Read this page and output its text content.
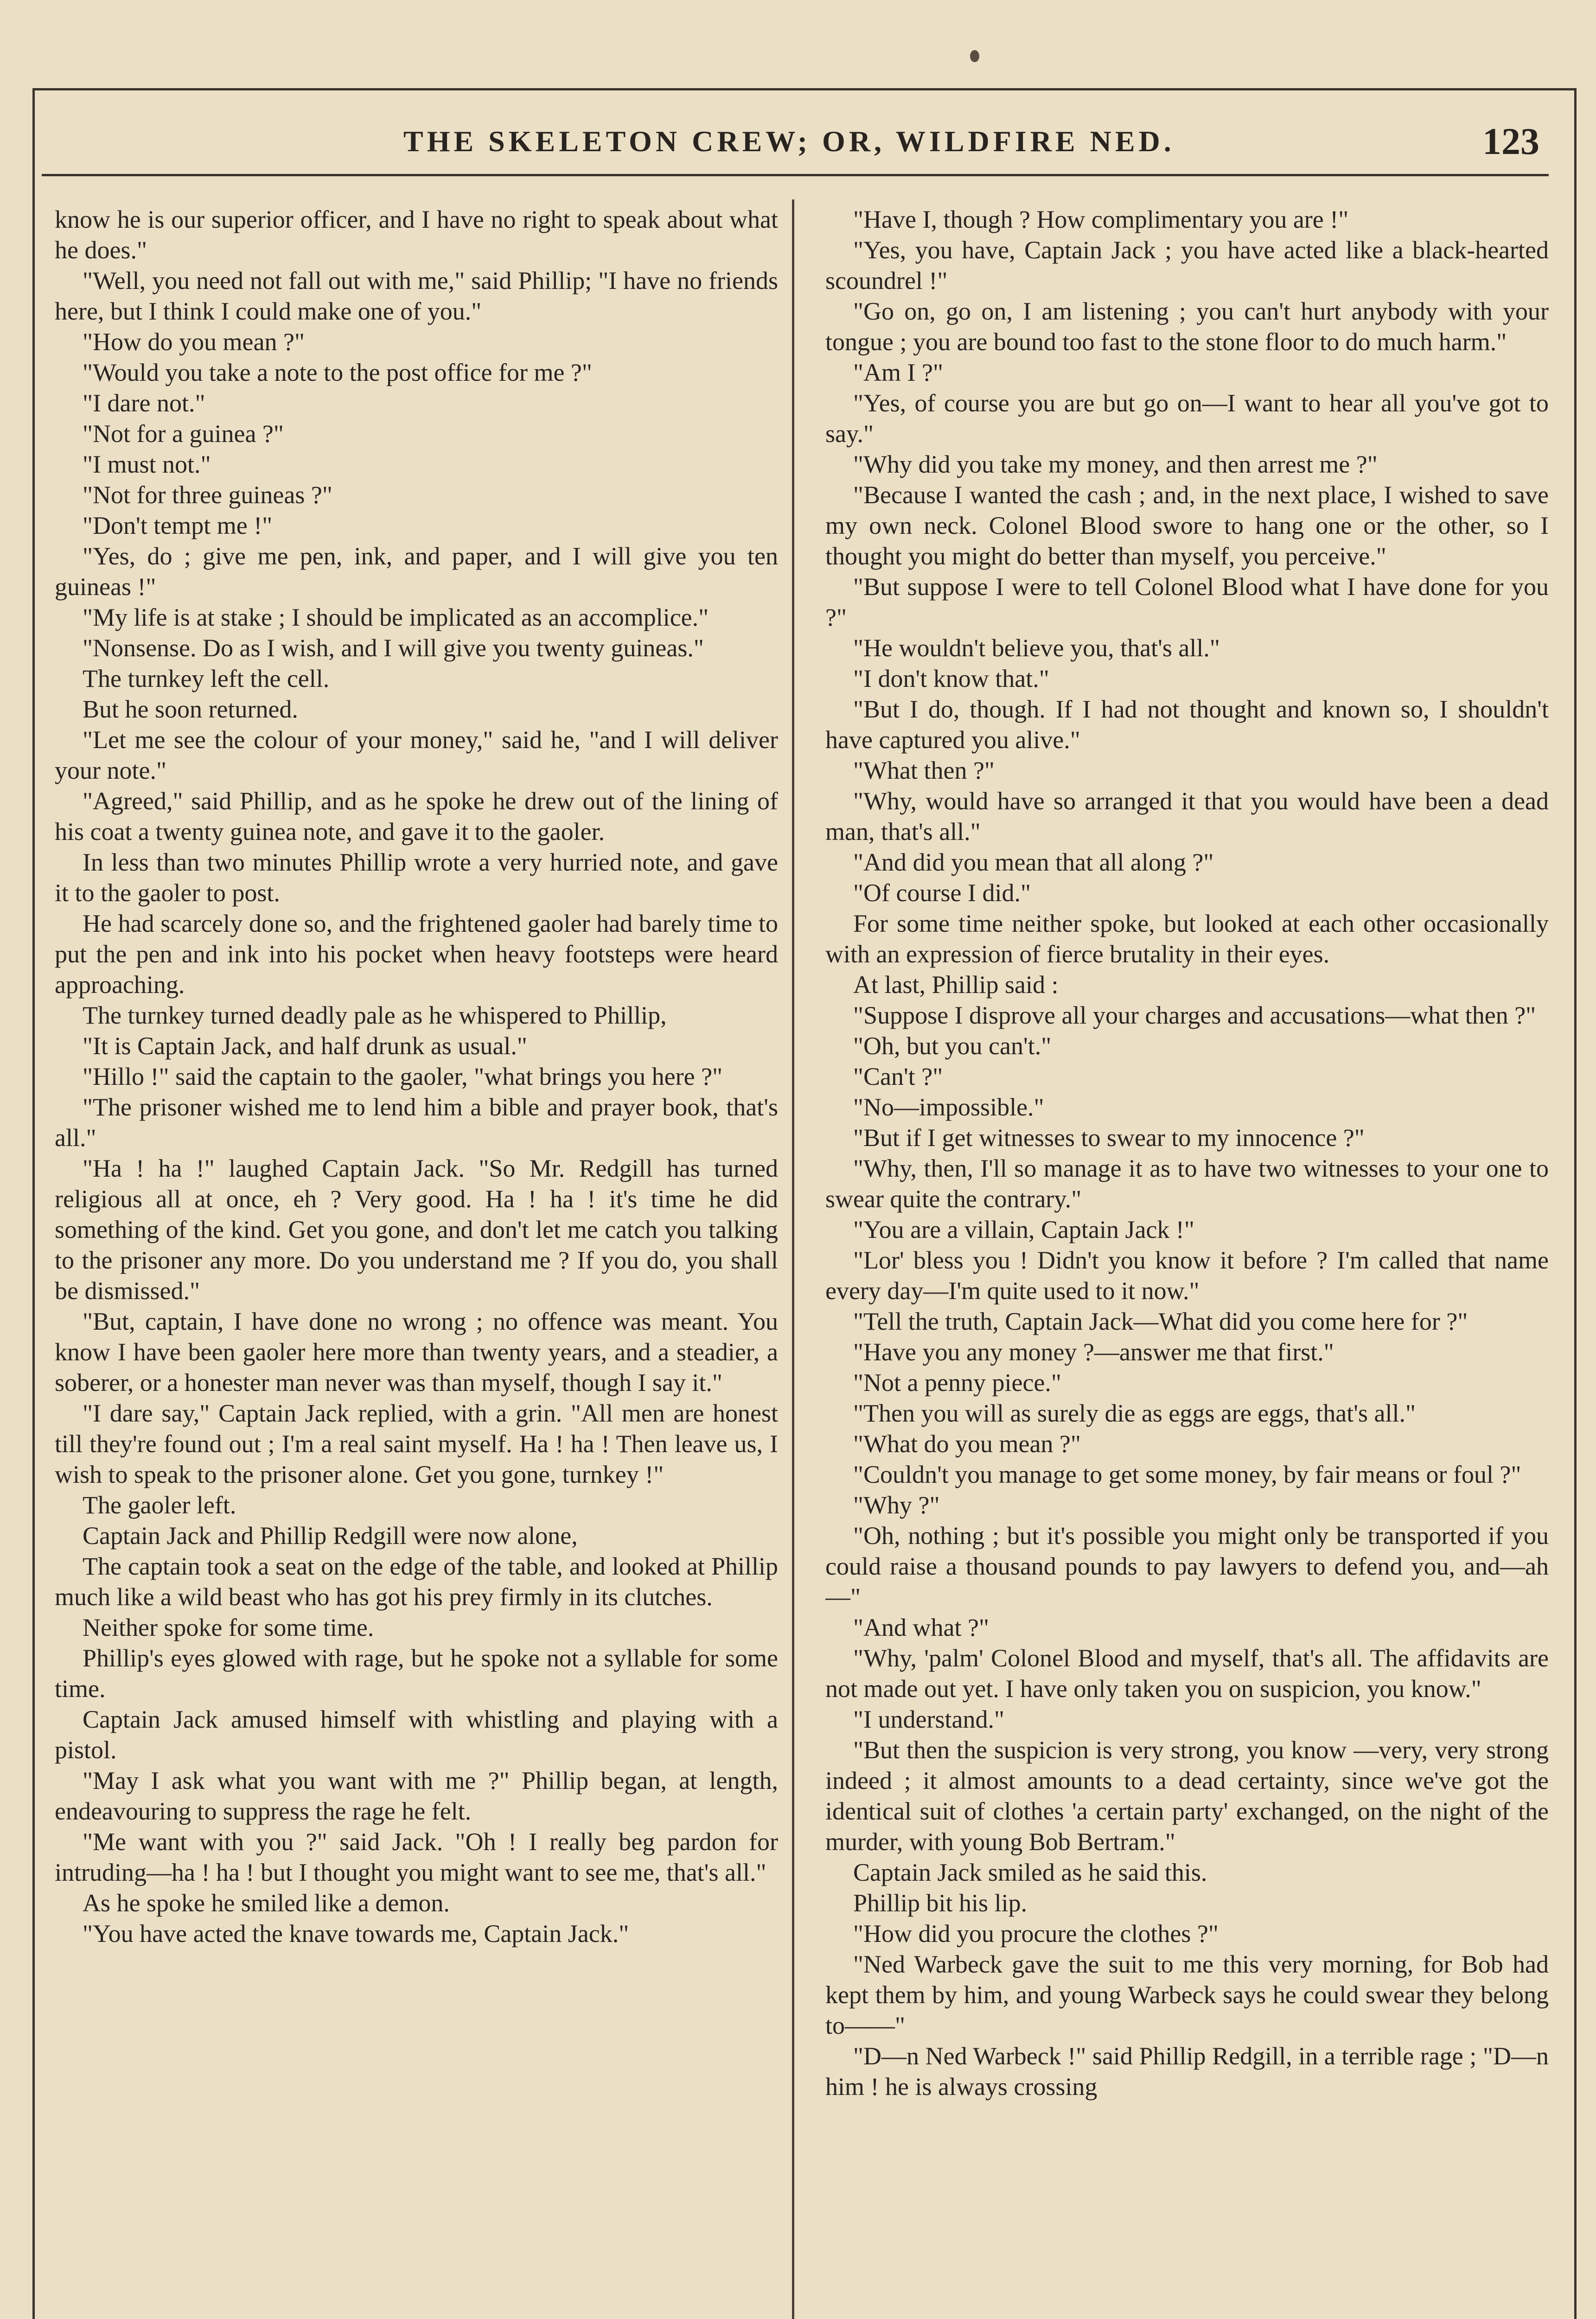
THE SKELETON CREW; OR, WILDFIRE NED.	123

know he is our superior officer, and I have no right to speak about what he does."

"Well, you need not fall out with me," said Phillip; "I have no friends here, but I think I could make one of you."

"How do you mean ?"

"Would you take a note to the post office for me ?"

"I dare not."

"Not for a guinea ?"

"I must not."

"Not for three guineas ?"

"Don't tempt me !"

"Yes, do ; give me pen, ink, and paper, and I will give you ten guineas !"

"My life is at stake ; I should be implicated as an accomplice."

"Nonsense. Do as I wish, and I will give you twenty guineas."

The turnkey left the cell.

But he soon returned.

"Let me see the colour of your money," said he, "and I will deliver your note."

"Agreed," said Phillip, and as he spoke he drew out of the lining of his coat a twenty guinea note, and gave it to the gaoler.

In less than two minutes Phillip wrote a very hurried note, and gave it to the gaoler to post.

He had scarcely done so, and the frightened gaoler had barely time to put the pen and ink into his pocket when heavy footsteps were heard approaching.

The turnkey turned deadly pale as he whispered to Phillip,

"It is Captain Jack, and half drunk as usual."

"Hillo !" said the captain to the gaoler, "what brings you here ?"

"The prisoner wished me to lend him a bible and prayer book, that's all."

"Ha ! ha !" laughed Captain Jack. "So Mr. Redgill has turned religious all at once, eh ? Very good. Ha ! ha ! it's time he did something of the kind. Get you gone, and don't let me catch you talking to the prisoner any more. Do you understand me ? If you do, you shall be dismissed."

"But, captain, I have done no wrong ; no offence was meant. You know I have been gaoler here more than twenty years, and a steadier, a soberer, or a honester man never was than myself, though I say it."

"I dare say," Captain Jack replied, with a grin. "All men are honest till they're found out ; I'm a real saint myself. Ha ! ha ! Then leave us, I wish to speak to the prisoner alone. Get you gone, turnkey !"

The gaoler left.

Captain Jack and Phillip Redgill were now alone,

The captain took a seat on the edge of the table, and looked at Phillip much like a wild beast who has got his prey firmly in its clutches.

Neither spoke for some time.

Phillip's eyes glowed with rage, but he spoke not a syllable for some time.

Captain Jack amused himself with whistling and playing with a pistol.

"May I ask what you want with me ?" Phillip began, at length, endeavouring to suppress the rage he felt.

"Me want with you ?" said Jack. "Oh ! I really beg pardon for intruding—ha ! ha ! but I thought you might want to see me, that's all."

As he spoke he smiled like a demon.

"You have acted the knave towards me, Captain Jack."

"Have I, though ? How complimentary you are !"

"Yes, you have, Captain Jack ; you have acted like a black-hearted scoundrel !"

"Go on, go on, I am listening ; you can't hurt anybody with your tongue ; you are bound too fast to the stone floor to do much harm."

"Am I ?"

"Yes, of course you are but go on—I want to hear all you've got to say."

"Why did you take my money, and then arrest me ?"

"Because I wanted the cash ; and, in the next place, I wished to save my own neck. Colonel Blood swore to hang one or the other, so I thought you might do better than myself, you perceive."

"But suppose I were to tell Colonel Blood what I have done for you ?"

"He wouldn't believe you, that's all."

"I don't know that."

"But I do, though. If I had not thought and known so, I shouldn't have captured you alive."

"What then ?"

"Why, would have so arranged it that you would have been a dead man, that's all."

"And did you mean that all along ?"

"Of course I did."

For some time neither spoke, but looked at each other occasionally with an expression of fierce brutality in their eyes.

At last, Phillip said :

"Suppose I disprove all your charges and accusations—what then ?"

"Oh, but you can't."

"Can't ?"

"No—impossible."

"But if I get witnesses to swear to my innocence ?"

"Why, then, I'll so manage it as to have two witnesses to your one to swear quite the contrary."

"You are a villain, Captain Jack !"

"Lor' bless you ! Didn't you know it before ? I'm called that name every day—I'm quite used to it now."

"Tell the truth, Captain Jack—What did you come here for ?"

"Have you any money ?—answer me that first."

"Not a penny piece."

"Then you will as surely die as eggs are eggs, that's all."

"What do you mean ?"

"Couldn't you manage to get some money, by fair means or foul ?"

"Why ?"

"Oh, nothing ; but it's possible you might only be transported if you could raise a thousand pounds to pay lawyers to defend you, and—ah—"

"And what ?"

"Why, 'palm' Colonel Blood and myself, that's all. The affidavits are not made out yet. I have only taken you on suspicion, you know."

"I understand."

"But then the suspicion is very strong, you know —very, very strong indeed ; it almost amounts to a dead certainty, since we've got the identical suit of clothes 'a certain party' exchanged, on the night of the murder, with young Bob Bertram."

Captain Jack smiled as he said this.

Phillip bit his lip.

"How did you procure the clothes ?"

"Ned Warbeck gave the suit to me this very morning, for Bob had kept them by him, and young Warbeck says he could swear they belong to——"

"D—n Ned Warbeck !" said Phillip Redgill, in a terrible rage ; "D—n him ! he is always crossing
